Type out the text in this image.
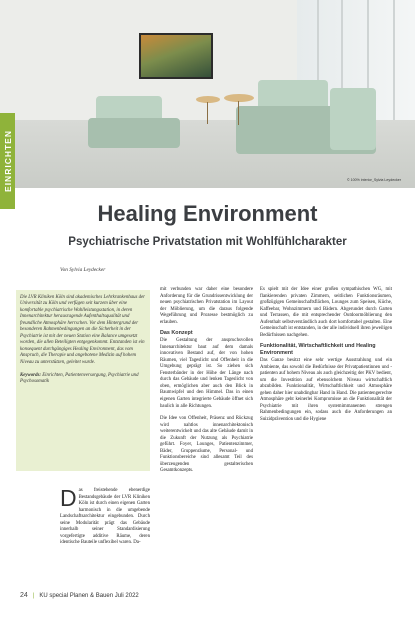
© 100% interior_Sylvia Leydecker
EINRICHTEN
Healing Environment
Psychiatrische Privatstation mit Wohlfühlcharakter
Von Sylvia Leydecker

Die LVR Kliniken Köln sind akademisches Lehrkrankenhaus der Universität zu Köln und verfügen seit kurzem über eine komfortable psychiatrische Wahlleistungsstation, in deren Innenarchitektur herausragende Aufenthaltsqualität und freundliche Atmosphäre herrschen. Vor dem Hintergrund der besonderen Rahmenbedingungen an die Sicherheit in der Psychiatrie ist mit der neuen Station eine Balance umgesetzt worden, die allen Beteiligten entgegenkommt. Entstanden ist ein konsequent durchgängiges Healing Environment, das vom Anspruch, die Therapie und angebotene Medizin auf hohem Niveau zu unterstützen, geleitet wurde.

Keywords: Einrichten, Patientenversorgung, Psychiatrie und Psychosomatik

D as freistehende ebenerdige Bestandsgebäude der LVR Kliniken Köln ist durch einen eigenen Garten harmonisch in die umgebende Landschaftsarchitektur eingebunden. Durch seine Modularität prägt das Gebäude innerhalb seiner Standardisierung vorgefertigte additive Räume, deren identische Bauteile unflexibel waren. Da-

mit verbunden war daher eine besondere Anforderung für die Grundrissentwicklung der neuen psychiatrischen Privatstation im Layout der Möblierung, um die daraus folgende Wegeführung und Prozesse bestmöglich zu erlauben.

Das Konzept

Die Gestaltung der anspruchsvollen Innenarchitektur baut auf dem damals innovativen Bestand auf, der von hohen Räumen, viel Tageslicht und Offenheit in die Umgebung geprägt ist. So ziehen sich Fensterbänder in der Höhe der Länge nach durch das Gebäude und lenken Tageslicht von oben, ermöglichen aber auch den Blick in Baumwipfel und den Himmel. Das in einen eigenen Garten integrierte Gebäude öffnet sich baulich in alle Richtungen.

Die Idee von Offenheit, Präsenz und Rückzug wird nahtlos innenarchitektonisch weiterentwickelt und das alte Gebäude damit in die Zukunft der Nutzung als Psychiatrie geführt. Foyer, Lounges, Patientenzimmer, Bäder, Gruppenräume, Personal- und Funktionsbereiche sind allesamt Teil des überzeugenden gestalterischen Gesamtkonzepts.

Es spielt mit der Idee einer großen sympathischen WG, mit flankierenden privaten Zimmern, seitlichen Funktionsräumen, großzügigen Gemeinschaftsflächen, Lounges zum Speisen, Küche, Kaffeebar, Wohnzimmern und Bädern. Abgerundet durch Garten und Terrassen, die mit entsprechender Outdoormöblierung den Aufenthalt selbstverständlich auch dort komfortabel gestalten. Eine Gemeinschaft ist entstanden, in der alle individuell ihren jeweiligen Bedürfnissen nachgehen.

Funktionalität, Wirtschaftlichkeit und Healing Environment

Das Ganze besitzt eine sehr wertige Ausstrahlung und ein Ambiente, das sowohl die Bedürfnisse der Privatpatientinnen und -patienten auf hohem Niveau als auch gleichzeitig der PKV bedient, um die Investition auf ebensolchem Niveau wirtschaftlich abzubilden. Funktionalität, Wirtschaftlichkeit und Atmosphäre gehen daher hier unabdingbar Hand in Hand. Die patientengerechte Atmosphäre geht keinerlei Kompromisse an die Funktionalität der Psychiatrie mit ihren systemimmanenten strengen Rahmenbedingungen ein, sodass auch die Anforderungen an Suizidprävention und die Hygiene

24 | KU special Planen & Bauen Juli 2022
